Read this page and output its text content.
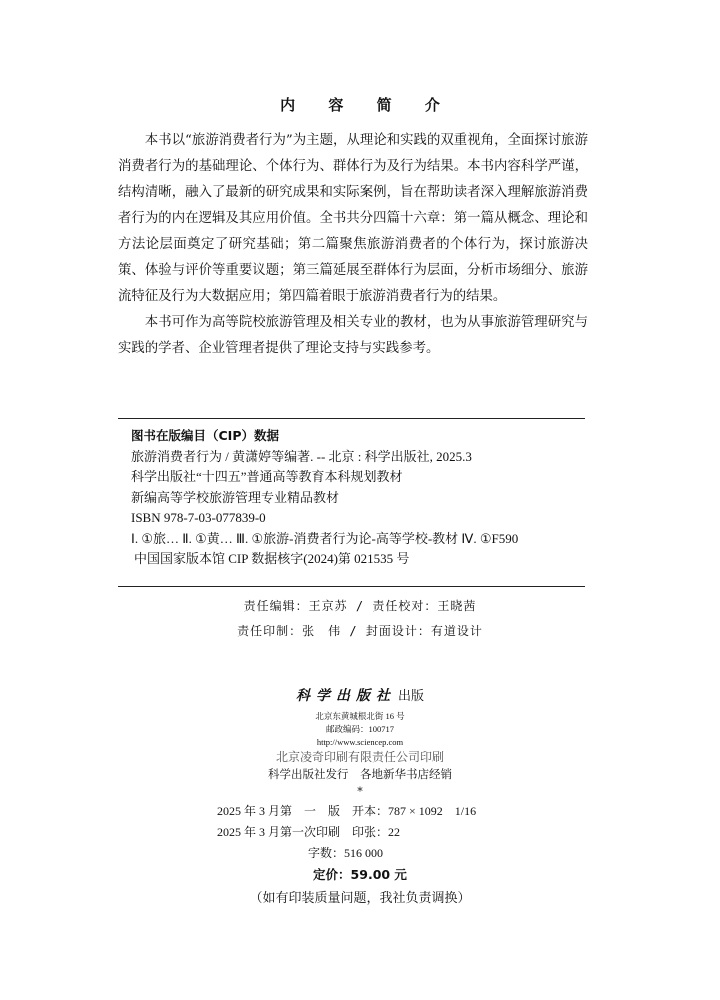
内 容 简 介

本书以“旅游消费者行为”为主题，从理论和实践的双重视角，全面探讨旅游消费者行为的基础理论、个体行为、群体行为及行为结果。本书内容科学严谨，结构清晰，融入了最新的研究成果和实际案例，旨在帮助读者深入理解旅游消费者行为的内在逻辑及其应用价值。全书共分四篇十六章：第一篇从概念、理论和方法论层面奠定了研究基础；第二篇聚焦旅游消费者的个体行为，探讨旅游决策、体验与评价等重要议题；第三篇延展至群体行为层面，分析市场细分、旅游流特征及行为大数据应用；第四篇着眼于旅游消费者行为的结果。

本书可作为高等院校旅游管理及相关专业的教材，也为从事旅游管理研究与实践的学者、企业管理者提供了理论支持与实践参考。

图书在版编目（CIP）数据
旅游消费者行为 / 黄潇婷等编著. -- 北京 : 科学出版社, 2025.3
科学出版社“十四五”普通高等教育本科规划教材
新编高等学校旅游管理专业精品教材
ISBN 978-7-03-077839-0
Ⅰ. ①旅… Ⅱ. ①黄… Ⅲ. ①旅游-消费者行为论-高等学校-教材 Ⅳ. ①F590
中国国家版本馆 CIP 数据核字(2024)第 021535 号
责任编辑：王京苏 / 责任校对：王晓茜
责任印制：张　伟 / 封面设计：有道设计
科学出版社 出版
北京东黄城根北街 16 号
邮政编码：100717
http://www.sciencep.com
北京凌奇印刷有限责任公司印刷
科学出版社发行　各地新华书店经销
*
2025 年 3 月第　一　版　开本：787 × 1092　1/16
2025 年 3 月第一次印刷　印张：22
字数：516 000
定价：59.00 元
（如有印装质量问题，我社负责调换）
